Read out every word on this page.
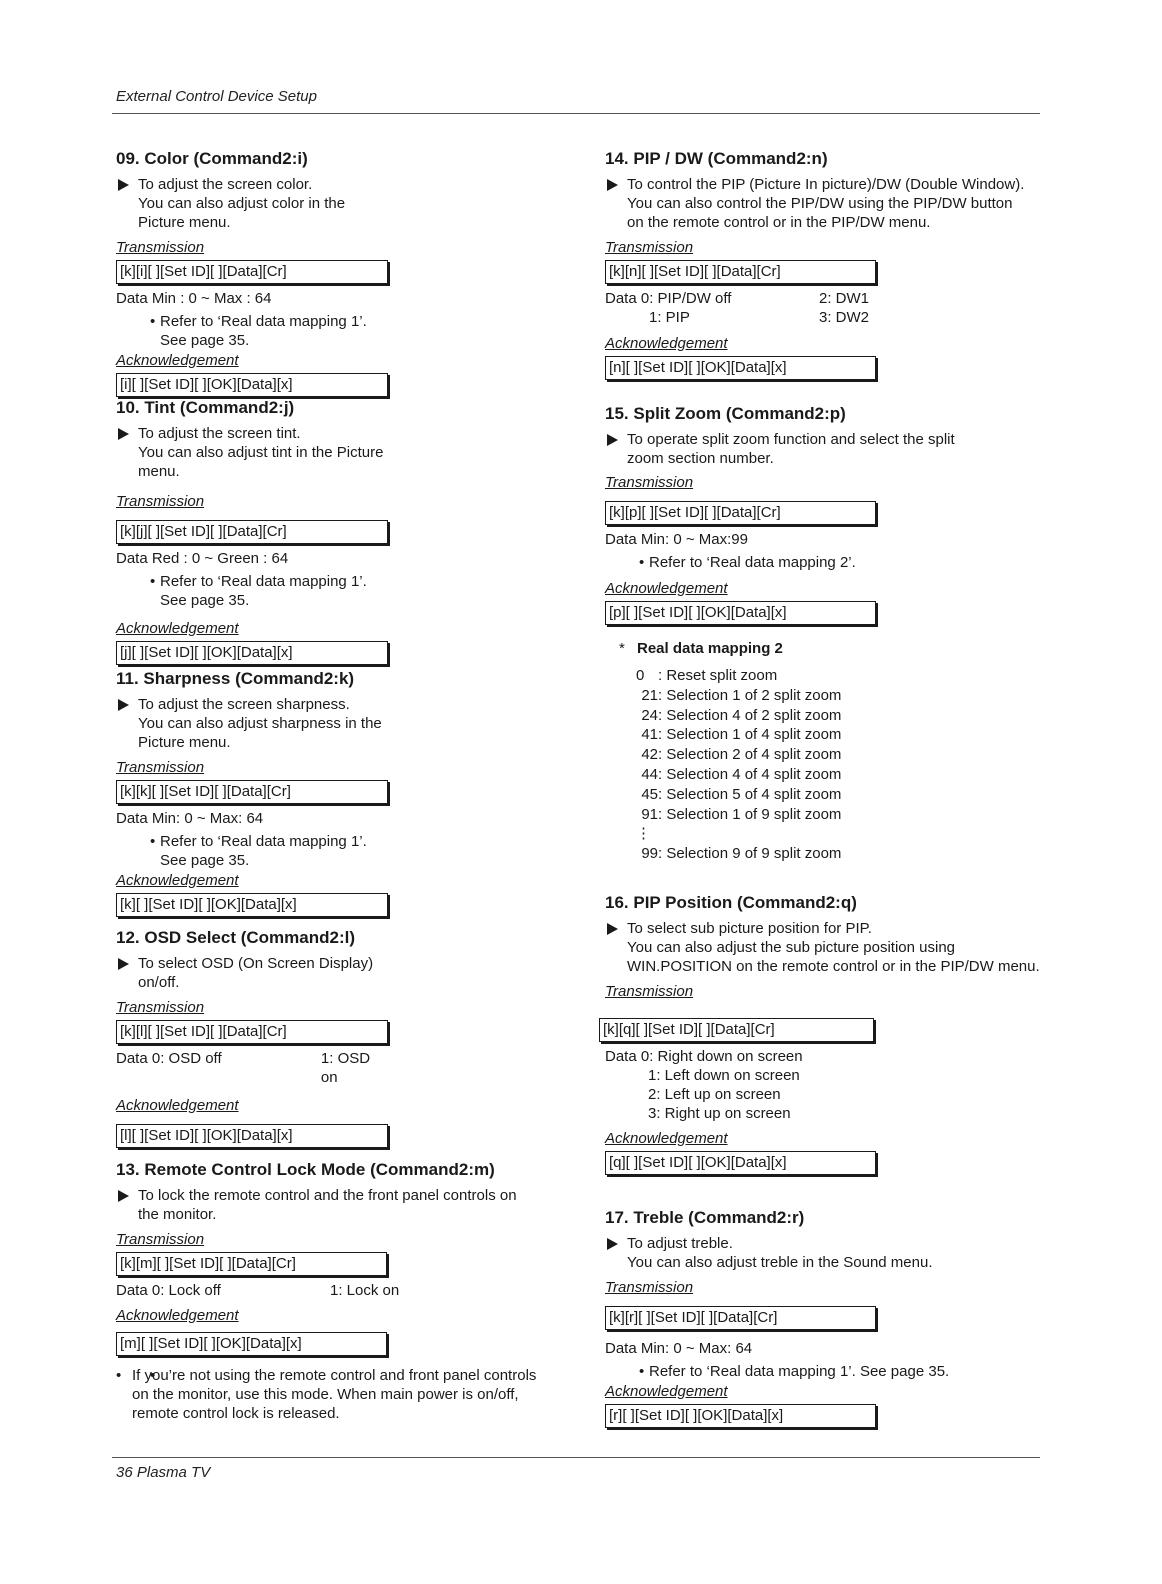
External Control Device Setup
09. Color (Command2:i)
To adjust the screen color.
You can also adjust color in the Picture menu.
Transmission
[k][i][ ][Set ID][ ][Data][Cr]
Data Min : 0 ~ Max : 64
• Refer to ‘Real data mapping 1’. See page 35.
Acknowledgement
[i][ ][Set ID][ ][OK][Data][x]
10. Tint (Command2:j)
To adjust the screen tint.
You can also adjust tint in the Picture menu.
Transmission
[k][j][ ][Set ID][ ][Data][Cr]
Data Red : 0 ~ Green : 64
• Refer to ‘Real data mapping 1’. See page 35.
Acknowledgement
[j][ ][Set ID][ ][OK][Data][x]
11. Sharpness (Command2:k)
To adjust the screen sharpness.
You can also adjust sharpness in the Picture menu.
Transmission
[k][k][ ][Set ID][ ][Data][Cr]
Data Min: 0 ~ Max: 64
• Refer to ‘Real data mapping 1’. See page 35.
Acknowledgement
[k][ ][Set ID][ ][OK][Data][x]
12. OSD Select (Command2:l)
To select OSD (On Screen Display) on/off.
Transmission
[k][l][ ][Set ID][ ][Data][Cr]
Data 0: OSD off	1: OSD on
Acknowledgement
[l][ ][Set ID][ ][OK][Data][x]
13. Remote Control Lock Mode (Command2:m)
To lock the remote control and the front panel controls on
the monitor.
Transmission
[k][m][ ][Set ID][ ][Data][Cr]
Data 0: Lock off	1: Lock on
Acknowledgement
[m][ ][Set ID][ ][OK][Data][x]
• • If you’re not using the remote control and front panel controls
on the monitor, use this mode. When main power is on/off,
remote control lock is released.
14. PIP / DW (Command2:n)
To control the PIP (Picture In picture)/DW (Double Window).
You can also control the PIP/DW using the PIP/DW button
on the remote control or in the PIP/DW menu.
Transmission
[k][n][ ][Set ID][ ][Data][Cr]
Data 0: PIP/DW off	2: DW1
1: PIP	3: DW2
Acknowledgement
[n][ ][Set ID][ ][OK][Data][x]
15. Split Zoom (Command2:p)
To operate split zoom function and select the split
zoom section number.
Transmission
[k][p][ ][Set ID][ ][Data][Cr]
Data Min: 0 ~ Max:99
• Refer to ‘Real data mapping 2’.
Acknowledgement
[p][ ][Set ID][ ][OK][Data][x]
* Real data mapping 2
0 : Reset split zoom
21 : Selection 1 of 2 split zoom
24 : Selection 4 of 2 split zoom
41 : Selection 1 of 4 split zoom
42 : Selection 2 of 4 split zoom
44 : Selection 4 of 4 split zoom
45 : Selection 5 of 4 split zoom
91 : Selection 1 of 9 split zoom
⋮
99 : Selection 9 of 9 split zoom
16. PIP Position (Command2:q)
To select sub picture position for PIP.
You can also adjust the sub picture position using
WIN.POSITION on the remote control or in the PIP/DW menu.
Transmission
[k][q][ ][Set ID][ ][Data][Cr]
Data 0: Right down on screen
1: Left down on screen
2: Left up on screen
3: Right up on screen
Acknowledgement
[q][ ][Set ID][ ][OK][Data][x]
17. Treble (Command2:r)
To adjust treble.
You can also adjust treble in the Sound menu.
Transmission
[k][r][ ][Set ID][ ][Data][Cr]
Data Min: 0 ~ Max: 64
• Refer to ‘Real data mapping 1’. See page 35.
Acknowledgement
[r][ ][Set ID][ ][OK][Data][x]
36 Plasma TV
